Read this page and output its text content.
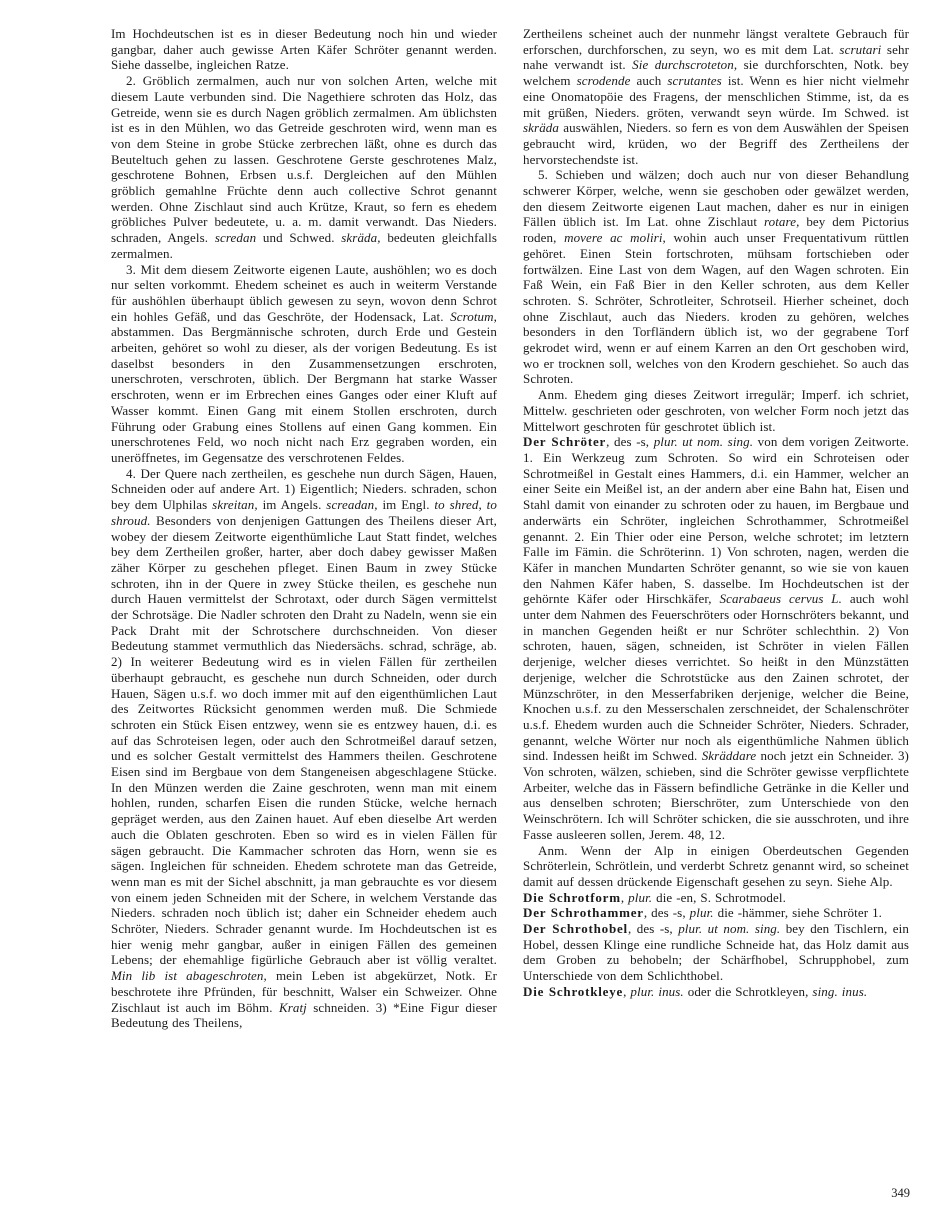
Im Hochdeutschen ist es in dieser Bedeutung noch hin und wieder gangbar, daher auch gewisse Arten Käfer Schröter genannt werden. Siehe dasselbe, ingleichen Ratze.

2. Gröblich zermalmen, auch nur von solchen Arten, welche mit diesem Laute verbunden sind. Die Nagethiere schroten das Holz, das Getreide, wenn sie es durch Nagen gröblich zermalmen. Am üblichsten ist es in den Mühlen, wo das Getreide geschroten wird, wenn man es von dem Steine in grobe Stücke zerbrechen läßt, ohne es durch das Beuteltuch gehen zu lassen. Geschrotene Gerste geschrotenes Malz, geschrotene Bohnen, Erbsen u.s.f. Dergleichen auf den Mühlen gröblich gemahlne Früchte denn auch collective Schrot genannt werden. Ohne Zischlaut sind auch Krütze, Kraut, so fern es ehedem gröbliches Pulver bedeutete, u. a. m. damit verwandt. Das Nieders. schraden, Angels. scredan und Schwed. skräda, bedeuten gleichfalls zermalmen.

3. Mit dem diesem Zeitworte eigenen Laute, aushöhlen; wo es doch nur selten vorkommt. Ehedem scheinet es auch in weiterm Verstande für aushöhlen überhaupt üblich gewesen zu seyn, wovon denn Schrot ein hohles Gefäß, und das Geschröte, der Hodensack, Lat. Scrotum, abstammen. Das Bergmännische schroten, durch Erde und Gestein arbeiten, gehöret so wohl zu dieser, als der vorigen Bedeutung. Es ist daselbst besonders in den Zusammensetzungen erschroten, unerschroten, verschroten, üblich. Der Bergmann hat starke Wasser erschroten, wenn er im Erbrechen eines Ganges oder einer Kluft auf Wasser kommt. Einen Gang mit einem Stollen erschroten, durch Führung oder Grabung eines Stollens auf einen Gang kommen. Ein unerschrotenes Feld, wo noch nicht nach Erz gegraben worden, ein uneröffnetes, im Gegensatze des verschrotenen Feldes.

4. Der Quere nach zertheilen, es geschehe nun durch Sägen, Hauen, Schneiden oder auf andere Art. 1) Eigentlich; Nieders. schraden, schon bey dem Ulphilas skreitan, im Angels. screadan, im Engl. to shred, to shroud. Besonders von denjenigen Gattungen des Theilens dieser Art, wobey der diesem Zeitworte eigenthümliche Laut Statt findet, welches bey dem Zertheilen großer, harter, aber doch dabey gewisser Maßen zäher Körper zu geschehen pfleget. Einen Baum in zwey Stücke schroten, ihn in der Quere in zwey Stücke theilen, es geschehe nun durch Hauen vermittelst der Schrotaxt, oder durch Sägen vermittelst der Schrotsäge. Die Nadler schroten den Draht zu Nadeln, wenn sie ein Pack Draht mit der Schrotschere durchschneiden. Von dieser Bedeutung stammet vermuthlich das Niedersächs. schrad, schräge, ab. 2) In weiterer Bedeutung wird es in vielen Fällen für zertheilen überhaupt gebraucht, es geschehe nun durch Schneiden, oder durch Hauen, Sägen u.s.f. wo doch immer mit auf den eigenthümlichen Laut des Zeitwortes Rücksicht genommen werden muß. Die Schmiede schroten ein Stück Eisen entzwey, wenn sie es entzwey hauen, d.i. es auf das Schroteisen legen, oder auch den Schrotmeißel darauf setzen, und es solcher Gestalt vermittelst des Hammers theilen. Geschrotene Eisen sind im Bergbaue von dem Stangeneisen abgeschlagene Stücke. In den Münzen werden die Zaine geschroten, wenn man mit einem hohlen, runden, scharfen Eisen die runden Stücke, welche hernach gepräget werden, aus den Zainen hauet. Auf eben dieselbe Art werden auch die Oblaten geschroten. Eben so wird es in vielen Fällen für sägen gebraucht. Die Kammacher schroten das Horn, wenn sie es sägen. Ingleichen für schneiden. Ehedem schrotete man das Getreide, wenn man es mit der Sichel abschnitt, ja man gebrauchte es vor diesem von einem jeden Schneiden mit der Schere, in welchem Verstande das Nieders. schraden noch üblich ist; daher ein Schneider ehedem auch Schröter, Nieders. Schrader genannt wurde. Im Hochdeutschen ist es hier wenig mehr gangbar, außer in einigen Fällen des gemeinen Lebens; der ehemahlige figürliche Gebrauch aber ist völlig veraltet. Min lib ist abageschroten, mein Leben ist abgekürzet, Notk. Er beschrotete ihre Pfründen, für beschnitt, Walser ein Schweizer. Ohne Zischlaut ist auch im Böhm. Kratj schneiden. 3) *Eine Figur dieser Bedeutung des Theilens,

Zertheilens scheinet auch der nunmehr längst veraltete Gebrauch für erforschen, durchforschen, zu seyn, wo es mit dem Lat. scrutari sehr nahe verwandt ist. Sie durchscroteton, sie durchforschten, Notk. bey welchem scrodende auch scrutantes ist. Wenn es hier nicht vielmehr eine Onomatopöie des Fragens, der menschlichen Stimme, ist, da es mit grüßen, Nieders. gröten, verwandt seyn würde. Im Schwed. ist skräda auswählen, Nieders. so fern es von dem Auswählen der Speisen gebraucht wird, krüden, wo der Begriff des Zertheilens der hervorstechendste ist.

5. Schieben und wälzen; doch auch nur von dieser Behandlung schwerer Körper, welche, wenn sie geschoben oder gewälzet werden, den diesem Zeitworte eigenen Laut machen, daher es nur in einigen Fällen üblich ist. Im Lat. ohne Zischlaut rotare, bey dem Pictorius roden, movere ac moliri, wohin auch unser Frequentativum rüttlen gehöret. Einen Stein fortschroten, mühsam fortschieben oder fortwälzen. Eine Last von dem Wagen, auf den Wagen schroten. Ein Faß Wein, ein Faß Bier in den Keller schroten, aus dem Keller schroten. S. Schröter, Schrotleiter, Schrotseil. Hierher scheinet, doch ohne Zischlaut, auch das Nieders. kroden zu gehören, welches besonders in den Torfländern üblich ist, wo der gegrabene Torf gekrodet wird, wenn er auf einem Karren an den Ort geschoben wird, wo er trocknen soll, welches von den Krodern geschiehet. So auch das Schroten.

Anm. Ehedem ging dieses Zeitwort irregulär; Imperf. ich schriet, Mittelw. geschrieten oder geschroten, von welcher Form noch jetzt das Mittelwort geschroten für geschrotet üblich ist.

Der Schröter, des -s, plur. ut nom. sing. von dem vorigen Zeitworte. 1. Ein Werkzeug zum Schroten. So wird ein Schroteisen oder Schrotmeißel in Gestalt eines Hammers, d.i. ein Hammer, welcher an einer Seite ein Meißel ist, an der andern aber eine Bahn hat, Eisen und Stahl damit von einander zu schroten oder zu hauen, im Bergbaue und anderwärts ein Schröter, ingleichen Schrothammer, Schrotmeißel genannt. 2. Ein Thier oder eine Person, welche schrotet; im letztern Falle im Fämin. die Schröterinn. 1) Von schroten, nagen, werden die Käfer in manchen Mundarten Schröter genannt, so wie sie von kauen den Nahmen Käfer haben, S. dasselbe. Im Hochdeutschen ist der gehörnte Käfer oder Hirschkäfer, Scarabaeus cervus L. auch wohl unter dem Nahmen des Feuerschröters oder Hornschröters bekannt, und in manchen Gegenden heißt er nur Schröter schlechthin. 2) Von schroten, hauen, sägen, schneiden, ist Schröter in vielen Fällen derjenige, welcher dieses verrichtet. So heißt in den Münzstätten derjenige, welcher die Schrotstücke aus den Zainen schrotet, der Münzschröter, in den Messerfabriken derjenige, welcher die Beine, Knochen u.s.f. zu den Messerschalen zerschneidet, der Schalenschröter u.s.f. Ehedem wurden auch die Schneider Schröter, Nieders. Schrader, genannt, welche Wörter nur noch als eigenthümliche Nahmen üblich sind. Indessen heißt im Schwed. Skräddare noch jetzt ein Schneider. 3) Von schroten, wälzen, schieben, sind die Schröter gewisse verpflichtete Arbeiter, welche das in Fässern befindliche Getränke in die Keller und aus denselben schroten; Bierschröter, zum Unterschiede von den Weinschrötern. Ich will Schröter schicken, die sie ausschroten, und ihre Fasse ausleeren sollen, Jerem. 48, 12.

Anm. Wenn der Alp in einigen Oberdeutschen Gegenden Schröterlein, Schrötlein, und verderbt Schretz genannt wird, so scheinet damit auf dessen drückende Eigenschaft gesehen zu seyn. Siehe Alp.

Die Schrotform, plur. die -en, S. Schrotmodel.

Der Schrothammer, des -s, plur. die -hämmer, siehe Schröter 1.

Der Schrothobel, des -s, plur. ut nom. sing. bey den Tischlern, ein Hobel, dessen Klinge eine rundliche Schneide hat, das Holz damit aus dem Groben zu behobeln; der Schärfhobel, Schrupphobel, zum Unterschiede von dem Schlichthobel.

Die Schrotkleye, plur. inus. oder die Schrotkleyen, sing. inus.

349
